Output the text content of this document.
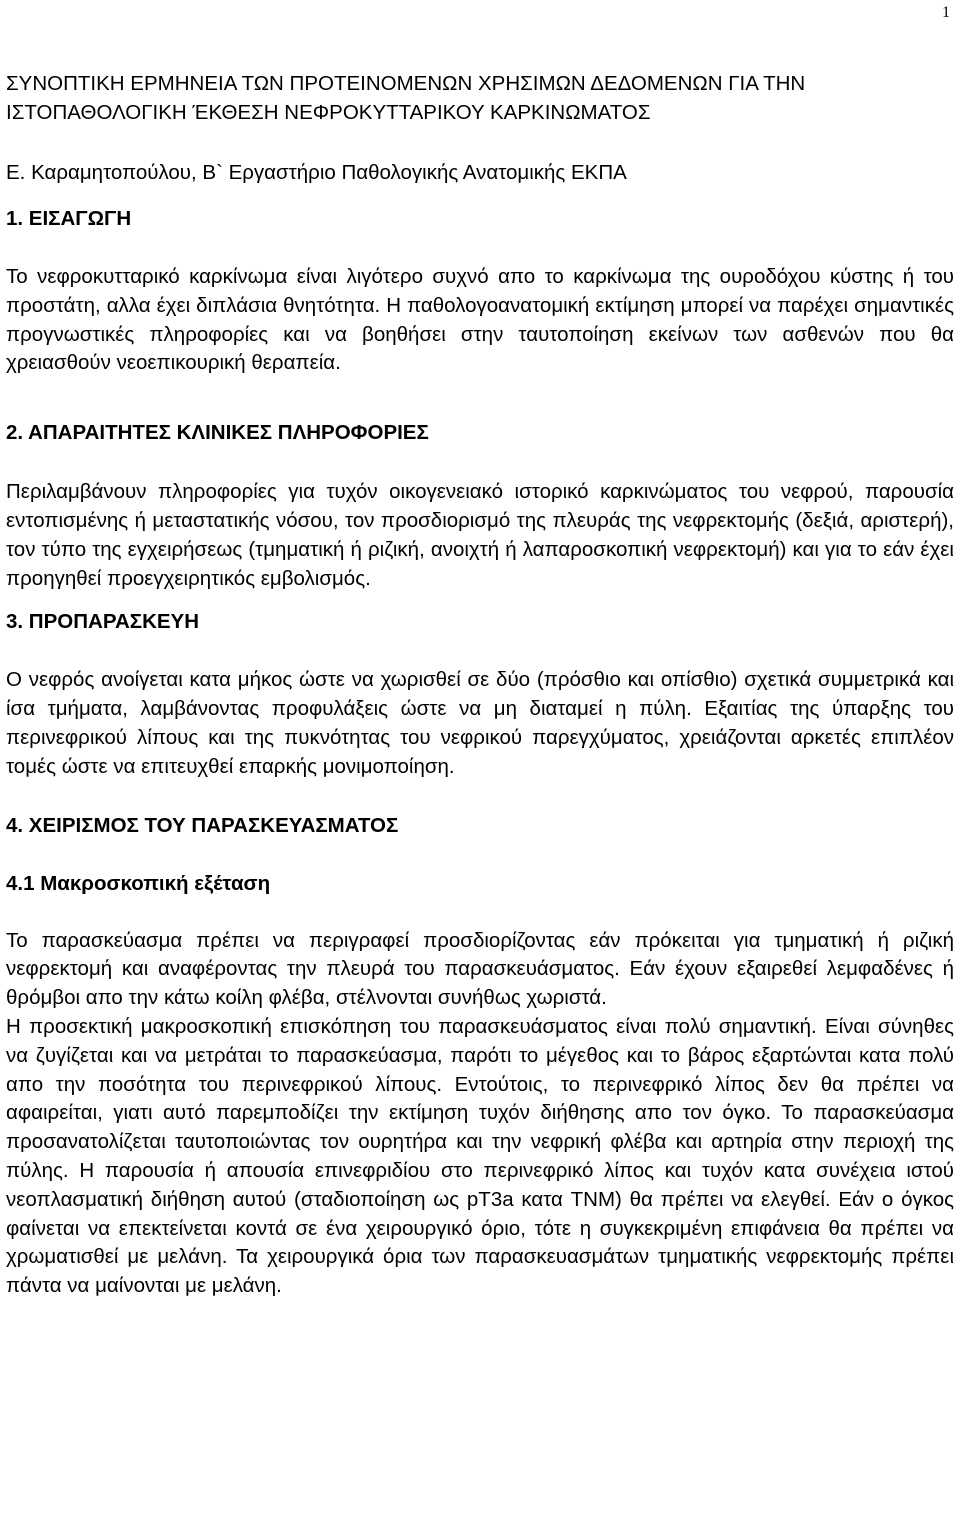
1
ΣΥΝΟΠΤΙΚΗ ΕΡΜΗΝΕΙΑ ΤΩΝ ΠΡΟΤΕΙΝΟΜΕΝΩΝ ΧΡΗΣΙΜΩΝ ΔΕΔΟΜΕΝΩΝ ΓΙΑ ΤΗΝ ΙΣΤΟΠΑΘΟΛΟΓΙΚΗ ΈΚΘΕΣΗ ΝΕΦΡΟΚΥΤΤΑΡΙΚΟΥ ΚΑΡΚΙΝΩΜΑΤΟΣ

Ε. Καραμητοπούλου, Β` Εργαστήριο Παθολογικής Ανατομικής ΕΚΠΑ

1. ΕΙΣΑΓΩΓΗ

Το νεφροκυτταρικό καρκίνωμα είναι λιγότερο συχνό απο το καρκίνωμα της ουροδόχου κύστης ή του προστάτη, αλλα έχει διπλάσια θνητότητα. Η παθολογοανατομική εκτίμηση μπορεί να παρέχει σημαντικές προγνωστικές πληροφορίες και να βοηθήσει στην ταυτοποίηση εκείνων των ασθενών που θα χρειασθούν νεοεπικουρική θεραπεία.

2. ΑΠΑΡΑΙΤΗΤΕΣ ΚΛΙΝΙΚΕΣ ΠΛΗΡΟΦΟΡΙΕΣ

Περιλαμβάνουν πληροφορίες για τυχόν οικογενειακό ιστορικό καρκινώματος του νεφρού, παρουσία εντοπισμένης ή μεταστατικής νόσου, τον προσδιορισμό της πλευράς της νεφρεκτομής (δεξιά, αριστερή), τον τύπο της εγχειρήσεως (τμηματική ή ριζική, ανοιχτή ή λαπαροσκοπική νεφρεκτομή) και για το εάν έχει προηγηθεί προεγχειρητικός εμβολισμός.

3. ΠΡΟΠΑΡΑΣΚΕΥΗ

Ο νεφρός ανοίγεται κατα μήκος ώστε να χωρισθεί σε δύο (πρόσθιο και οπίσθιο) σχετικά συμμετρικά και ίσα τμήματα, λαμβάνοντας προφυλάξεις ώστε να μη διαταμεί η πύλη. Εξαιτίας της ύπαρξης του περινεφρικού λίπους και της πυκνότητας του νεφρικού παρεγχύματος, χρειάζονται αρκετές επιπλέον τομές ώστε να επιτευχθεί επαρκής μονιμοποίηση.

4. ΧΕΙΡΙΣΜΟΣ ΤΟΥ ΠΑΡΑΣΚΕΥΑΣΜΑΤΟΣ
4.1 Μακροσκοπική εξέταση

Το παρασκεύασμα πρέπει να περιγραφεί προσδιορίζοντας εάν πρόκειται για τμηματική ή ριζική νεφρεκτομή και αναφέροντας την πλευρά του παρασκευάσματος. Εάν έχουν εξαιρεθεί λεμφαδένες ή θρόμβοι απο την κάτω κοίλη φλέβα, στέλνονται συνήθως χωριστά.

Η προσεκτική μακροσκοπική επισκόπηση του παρασκευάσματος είναι πολύ σημαντική. Είναι σύνηθες να ζυγίζεται και να μετράται το παρασκεύασμα, παρότι το μέγεθος και το βάρος εξαρτώνται κατα πολύ απο την ποσότητα του περινεφρικού λίπους. Εντούτοις, το περινεφρικό λίπος δεν θα πρέπει να αφαιρείται, γιατι αυτό παρεμποδίζει την εκτίμηση τυχόν διήθησης απο τον όγκο. Το παρασκεύασμα προσανατολίζεται ταυτοποιώντας τον ουρητήρα και την νεφρική φλέβα και αρτηρία στην περιοχή της πύλης. Η παρουσία ή απουσία επινεφριδίου στο περινεφρικό λίπος και τυχόν κατα συνέχεια ιστού νεοπλασματική διήθηση αυτού (σταδιοποίηση ως pT3a κατα TNM) θα πρέπει να ελεγθεί. Εάν ο όγκος φαίνεται να επεκτείνεται κοντά σε ένα χειρουργικό όριο, τότε η συγκεκριμένη επιφάνεια θα πρέπει να χρωματισθεί με μελάνη. Τα χειρουργικά όρια των παρασκευασμάτων τμηματικής νεφρεκτομής πρέπει πάντα να μαίνονται με μελάνη.
